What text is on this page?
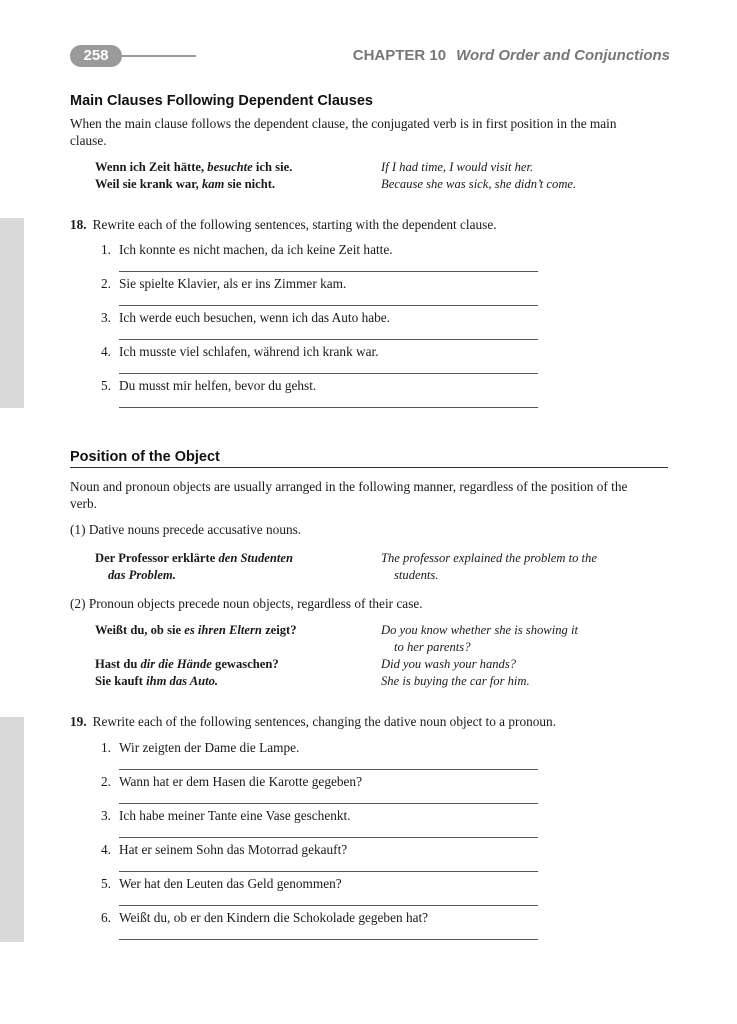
258	CHAPTER 10 Word Order and Conjunctions
Main Clauses Following Dependent Clauses
When the main clause follows the dependent clause, the conjugated verb is in first position in the main
clause.
Wenn ich Zeit hätte, besuchte ich sie.
Weil sie krank war, kam sie nicht.
If I had time, I would visit her.
Because she was sick, she didn’t come.
18. Rewrite each of the following sentences, starting with the dependent clause.
1. Ich konnte es nicht machen, da ich keine Zeit hatte.
2. Sie spielte Klavier, als er ins Zimmer kam.
3. Ich werde euch besuchen, wenn ich das Auto habe.
4. Ich musste viel schlafen, während ich krank war.
5. Du musst mir helfen, bevor du gehst.
Position of the Object
Noun and pronoun objects are usually arranged in the following manner, regardless of the position of the
verb.
(1) Dative nouns precede accusative nouns.
Der Professor erklärte den Studenten
das Problem.
The professor explained the problem to the
students.
(2) Pronoun objects precede noun objects, regardless of their case.
Weißt du, ob sie es ihren Eltern zeigt?	Do you know whether she is showing it
to her parents?
Hast du dir die Hände gewaschen?
Sie kauft ihm das Auto.
Did you wash your hands?
She is buying the car for him.
19. Rewrite each of the following sentences, changing the dative noun object to a pronoun.
1. Wir zeigten der Dame die Lampe.
2. Wann hat er dem Hasen die Karotte gegeben?
3. Ich habe meiner Tante eine Vase geschenkt.
4. Hat er seinem Sohn das Motorrad gekauft?
5. Wer hat den Leuten das Geld genommen?
6. Weißt du, ob er den Kindern die Schokolade gegeben hat?
